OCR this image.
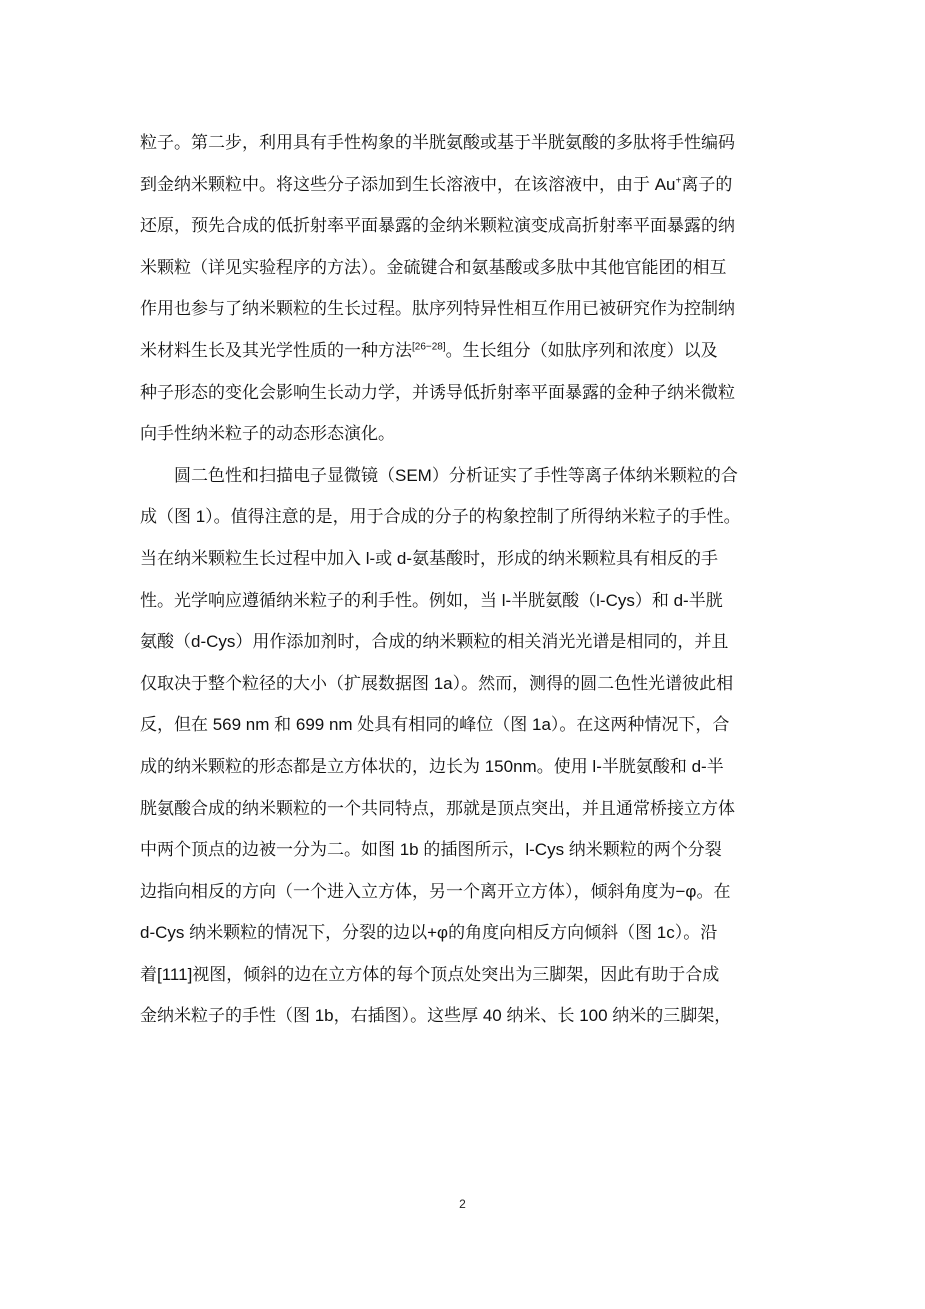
粒子。第二步，利用具有手性构象的半胱氨酸或基于半胱氨酸的多肽将手性编码
到金纳米颗粒中。将这些分子添加到生长溶液中，在该溶液中，由于 Au+离子的
还原，预先合成的低折射率平面暴露的金纳米颗粒演变成高折射率平面暴露的纳
米颗粒（详见实验程序的方法）。金硫键合和氨基酸或多肽中其他官能团的相互
作用也参与了纳米颗粒的生长过程。肽序列特异性相互作用已被研究作为控制纳
米材料生长及其光学性质的一种方法[26−28]。生长组分（如肽序列和浓度）以及
种子形态的变化会影响生长动力学，并诱导低折射率平面暴露的金种子纳米微粒
向手性纳米粒子的动态形态演化。

圆二色性和扫描电子显微镜（SEM）分析证实了手性等离子体纳米颗粒的合
成（图 1）。值得注意的是，用于合成的分子的构象控制了所得纳米粒子的手性。
当在纳米颗粒生长过程中加入 l-或 d-氨基酸时，形成的纳米颗粒具有相反的手
性。光学响应遵循纳米粒子的利手性。例如，当 l-半胱氨酸（l-Cys）和 d-半胱
氨酸（d-Cys）用作添加剂时，合成的纳米颗粒的相关消光光谱是相同的，并且
仅取决于整个粒径的大小（扩展数据图 1a）。然而，测得的圆二色性光谱彼此相
反，但在 569 nm 和 699 nm 处具有相同的峰位（图 1a）。在这两种情况下，合
成的纳米颗粒的形态都是立方体状的，边长为 150nm。使用 l-半胱氨酸和 d-半
胱氨酸合成的纳米颗粒的一个共同特点，那就是顶点突出，并且通常桥接立方体
中两个顶点的边被一分为二。如图 1b 的插图所示，l-Cys 纳米颗粒的两个分裂
边指向相反的方向（一个进入立方体，另一个离开立方体），倾斜角度为−φ。在
d-Cys 纳米颗粒的情况下，分裂的边以+φ的角度向相反方向倾斜（图 1c）。沿
着[111]视图，倾斜的边在立方体的每个顶点处突出为三脚架，因此有助于合成
金纳米粒子的手性（图 1b，右插图）。这些厚 40 纳米、长 100 纳米的三脚架，

2
